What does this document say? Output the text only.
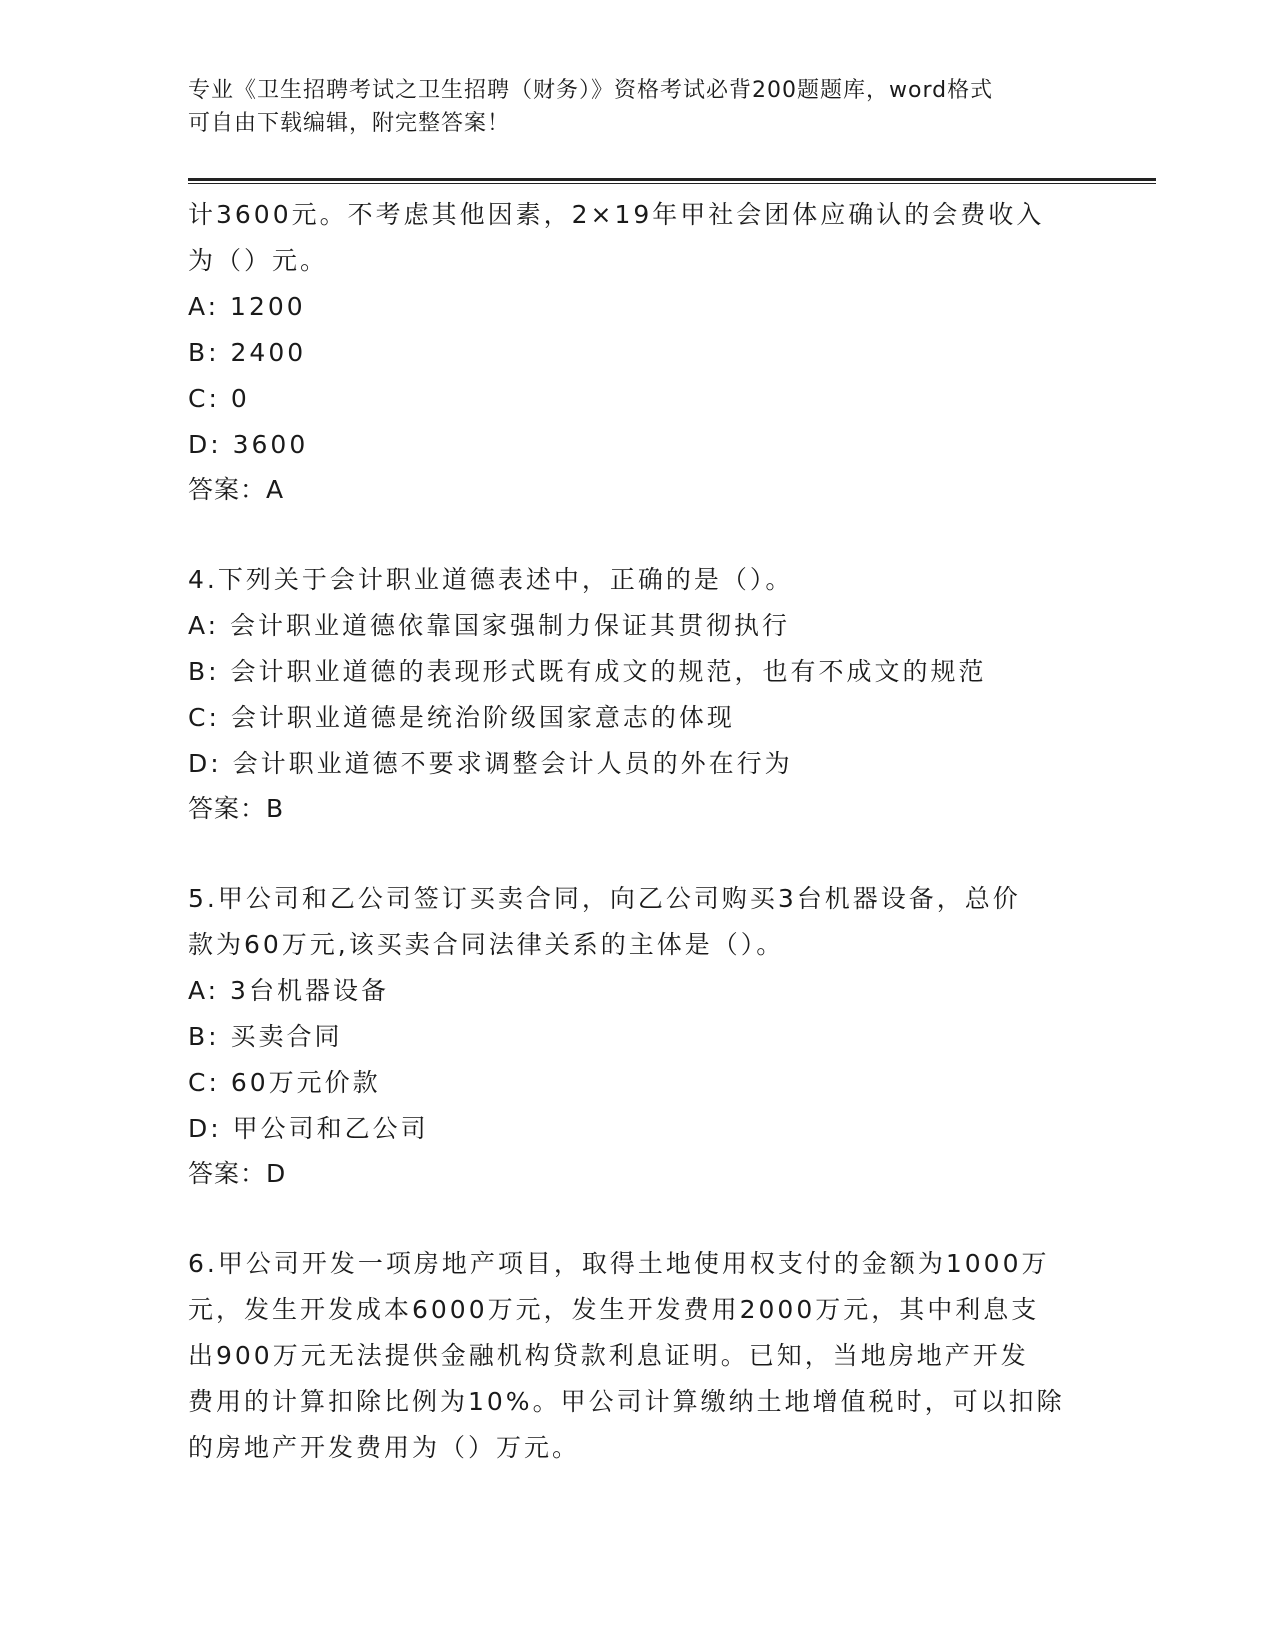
专业《卫生招聘考试之卫生招聘（财务）》资格考试必背200题题库，word格式
可自由下载编辑，附完整答案！
计3600元。不考虑其他因素，2×19年甲社会团体应确认的会费收入
为（）元。
A: 1200
B: 2400
C: 0
D: 3600
答案：A
4.下列关于会计职业道德表述中，正确的是（）。
A: 会计职业道德依靠国家强制力保证其贯彻执行
B: 会计职业道德的表现形式既有成文的规范，也有不成文的规范
C: 会计职业道德是统治阶级国家意志的体现
D: 会计职业道德不要求调整会计人员的外在行为
答案：B
5.甲公司和乙公司签订买卖合同，向乙公司购买3台机器设备，总价
款为60万元,该买卖合同法律关系的主体是（）。
A: 3台机器设备
B: 买卖合同
C: 60万元价款
D: 甲公司和乙公司
答案：D
6.甲公司开发一项房地产项目，取得土地使用权支付的金额为1000万
元，发生开发成本6000万元，发生开发费用2000万元，其中利息支
出900万元无法提供金融机构贷款利息证明。已知，当地房地产开发
费用的计算扣除比例为10%。甲公司计算缴纳土地增值税时，可以扣除
的房地产开发费用为（）万元。
